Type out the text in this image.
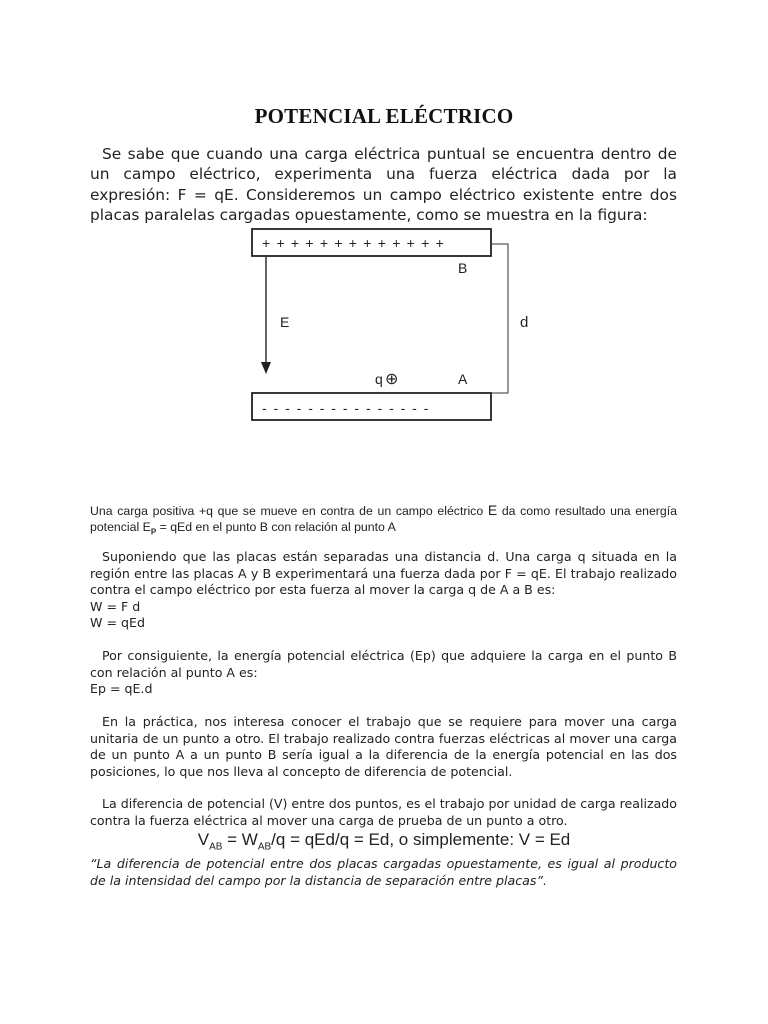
POTENCIAL ELÉCTRICO

Se sabe que cuando una carga eléctrica puntual se encuentra dentro de un campo eléctrico, experimenta una fuerza eléctrica dada por la expresión: F = qE. Consideremos un campo eléctrico existente entre dos placas paralelas cargadas opuestamente, como se muestra en la figura:

+ + + + + + + + + + + + +
- - - - - - - - - - - - - - -
B
E	d
q ⊕	A

Una carga positiva +q que se mueve en contra de un campo eléctrico E da como resultado una energía potencial $E_P$ = qEd en el punto B con relación al punto A

Suponiendo que las placas están separadas una distancia d. Una carga q situada en la región entre las placas A y B experimentará una fuerza dada por F = qE. El trabajo realizado contra el campo eléctrico por esta fuerza al mover la carga q de A a B es:
W = F d
W = qEd

Por consiguiente, la energía potencial eléctrica (Ep) que adquiere la carga en el punto B con relación al punto A es:
Ep = qE.d

En la práctica, nos interesa conocer el trabajo que se requiere para mover una carga unitaria de un punto a otro. El trabajo realizado contra fuerzas eléctricas al mover una carga de un punto A a un punto B sería igual a la diferencia de la energía potencial en las dos posiciones, lo que nos lleva al concepto de diferencia de potencial.

La diferencia de potencial (V) entre dos puntos, es el trabajo por unidad de carga realizado contra la fuerza eléctrica al mover una carga de prueba de un punto a otro.

$V_{AB} = W_{AB}/q = qEd/q = Ed$, o simplemente: V = Ed

“La diferencia de potencial entre dos placas cargadas opuestamente, es igual al producto de la intensidad del campo por la distancia de separación entre placas”.
